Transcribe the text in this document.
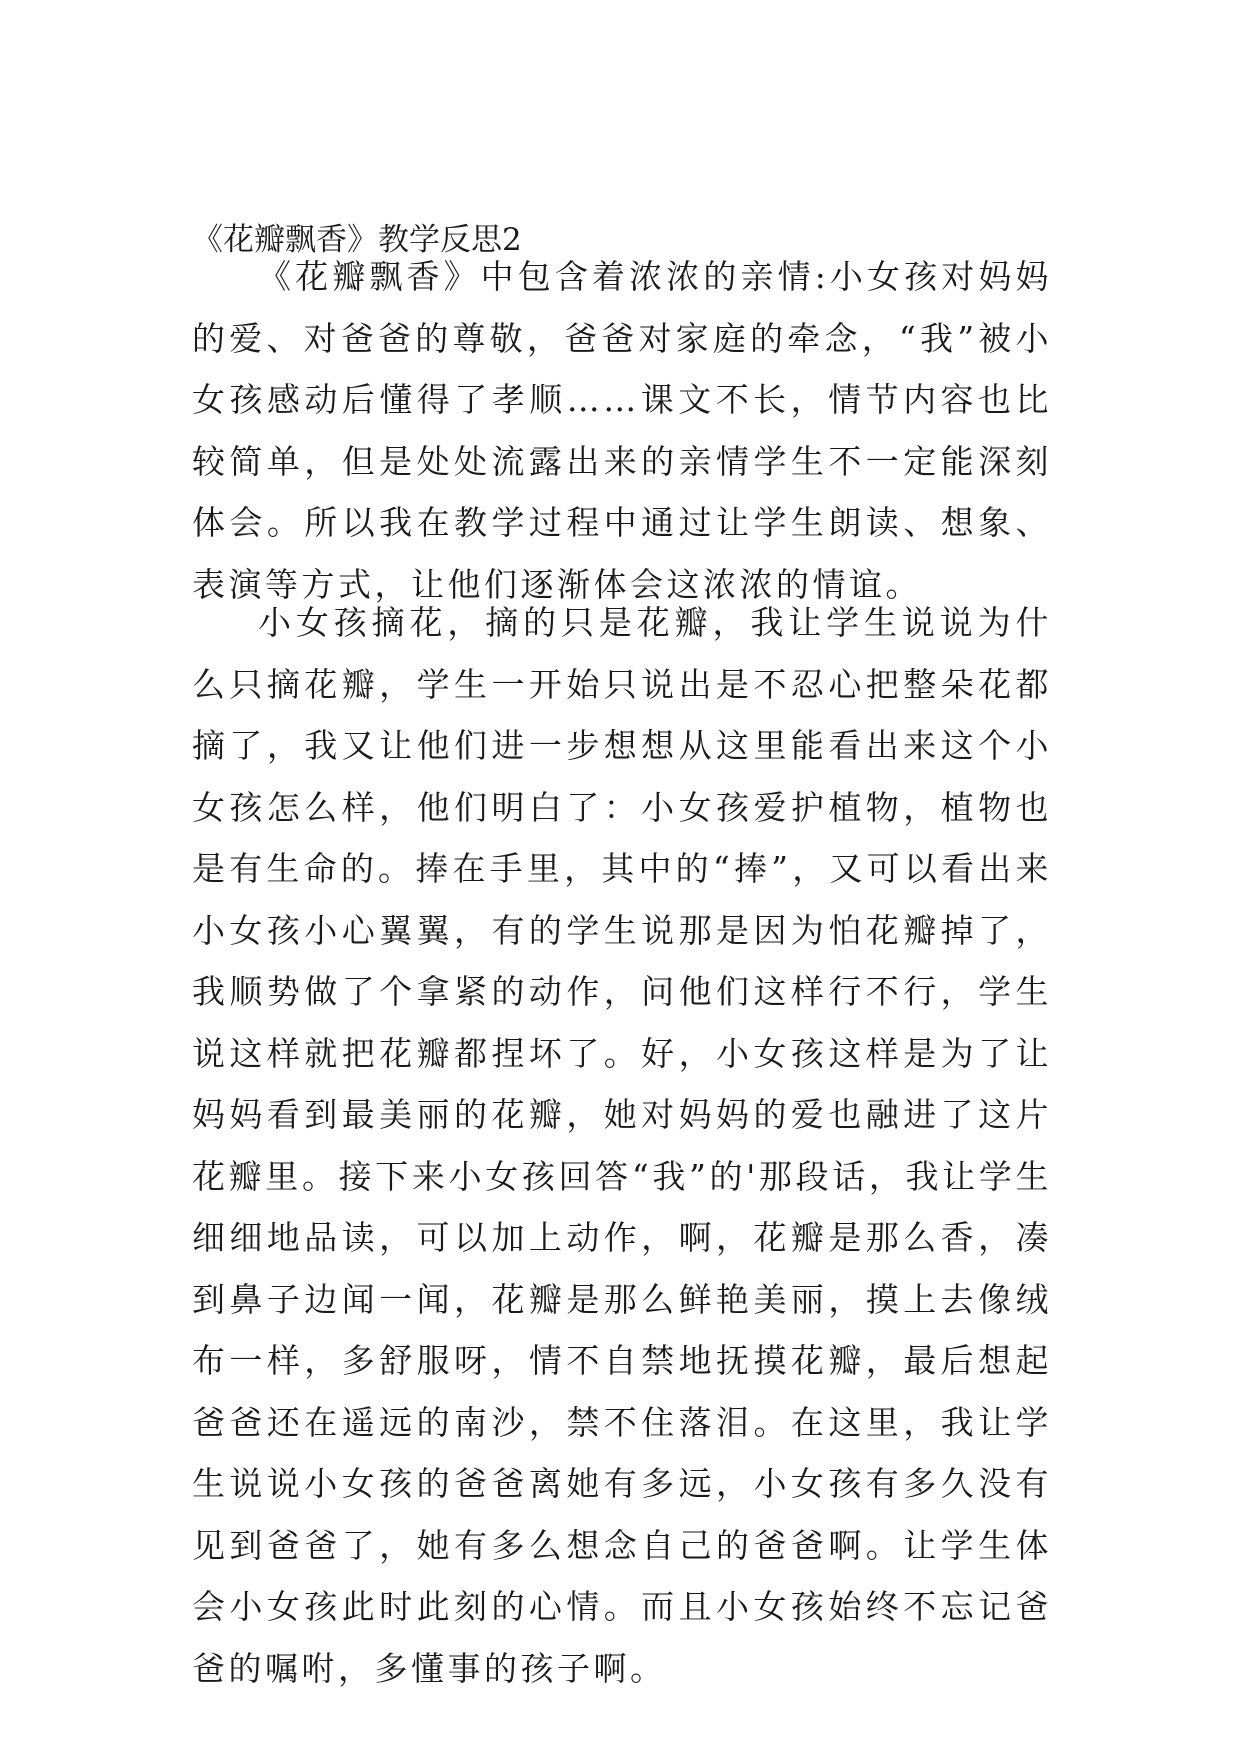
《花瓣飘香》教学反思2

《花瓣飘香》中包含着浓浓的亲情:小女孩对妈妈的爱、对爸爸的尊敬，爸爸对家庭的牵念，“我”被小女孩感动后懂得了孝顺……课文不长，情节内容也比较简单，但是处处流露出来的亲情学生不一定能深刻体会。所以我在教学过程中通过让学生朗读、想象、表演等方式，让他们逐渐体会这浓浓的情谊。

小女孩摘花，摘的只是花瓣，我让学生说说为什么只摘花瓣，学生一开始只说出是不忍心把整朵花都摘了，我又让他们进一步想想从这里能看出来这个小女孩怎么样，他们明白了：小女孩爱护植物，植物也是有生命的。捧在手里，其中的“捧”，又可以看出来小女孩小心翼翼，有的学生说那是因为怕花瓣掉了，我顺势做了个拿紧的动作，问他们这样行不行，学生说这样就把花瓣都捏坏了。好，小女孩这样是为了让妈妈看到最美丽的花瓣，她对妈妈的爱也融进了这片花瓣里。接下来小女孩回答“我”的'那段话，我让学生细细地品读，可以加上动作，啊，花瓣是那么香，凑到鼻子边闻一闻，花瓣是那么鲜艳美丽，摸上去像绒布一样，多舒服呀，情不自禁地抚摸花瓣，最后想起爸爸还在遥远的南沙，禁不住落泪。在这里，我让学生说说小女孩的爸爸离她有多远，小女孩有多久没有见到爸爸了，她有多么想念自己的爸爸啊。让学生体会小女孩此时此刻的心情。而且小女孩始终不忘记爸爸的嘱咐，多懂事的孩子啊。
